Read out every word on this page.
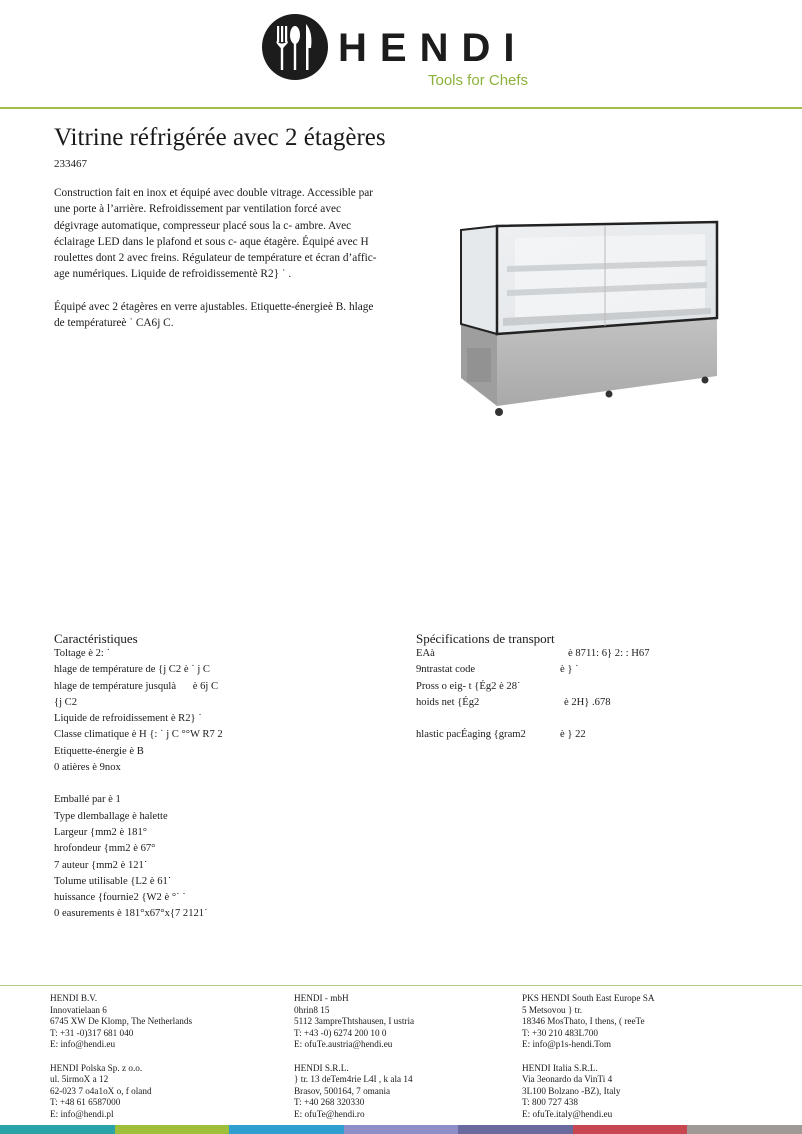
HENDI
Tools for Chefs
Vitrine réfrigérée avec 2 étagères
233467

Construction fait en inox et équipé avec double vitrage. Accessible par une porte à l’arrière. Refroidissement par ventilation forcé avec dégivrage automatique, compresseur placé sous la c- ambre. Avec éclairage LED dans le plafond et sous c- aque étagère. Équipé avec H roulettes dont 2 avec freins. Régulateur de température et écran d’affic- age numériques. Liquide de refroidissementè R2} ˙ .

Équipé avec 2 étagères en verre ajustables. Etiquette-énergieè B. hlage de températureè ˙ CA6j C.

Caractéristiques
Toltage è 2: ˙
hlage de température de {j C2 è ˙ j C
hlage de température jusqulà è 6j C
{j C2
Liquide de refroidissement è R2} ˙
Classe climatique è H {: ˙ j C °°W R7 2
Etiquette-énergie è B
0 atières è 9nox
Emballé par è 1
Type dlemballage è halette
Largeur {mm2 è 181°
hrofondeur {mm2 è 67°
7 auteur {mm2 è 121˙
Tolume utilisable {L2 è 61˙
huissance {fournie2 {W2 è °˙ ˙
0 easurements è 181°x67°x{7 2121˙
Spécifications de transport
EAà	è 8711: 6} 2: : H67
9ntrastat code	è } ˙
Pross o eig- t {Ég2 è 28˙
hoids net {Ég2	è 2H} .678
hlastic pacÉaging {gram2	è } 22
HENDI B.V.
Innovatielaan 6
6745 XW De Klomp, The Netherlands
T: +31 -0)317 681 040
E: info@hendi.eu
HENDI Polska Sp. z o.o.
ul. 5irmoX a 12
62-023 7 o4a1oX o, f oland
T: +48 61 6587000
E: info@hendi.pl
HENDI - mbH
0hrin8 15
5112 3ampreThtshausen, I ustria
T: +43 -0) 6274 200 10 0
E: ofuTe.austria@hendi.eu
HENDI S.R.L.
} tr. 13 deTem4rie L4I , k ala 14
Brasov, 500164, 7 omania
T: +40 268 320330
E: ofuTe@hendi.ro
PKS HENDI South East Europe SA
5 Metsovou } tr.
18346 MosThato, I thens, ( reeTe
T: +30 210 483L700
E: info@p1s-hendi.Tom
HENDI Italia S.R.L.
Via 3eonardo da VinTi 4
3L100 Bolzano -BZ), Italy
T: 800 727 438
E: ofuTe.italy@hendi.eu
